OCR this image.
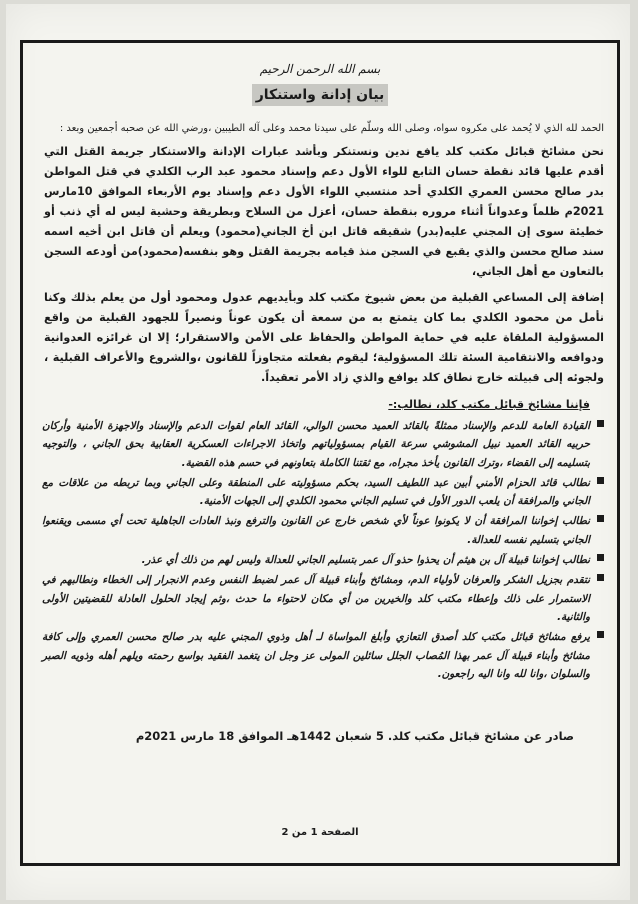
بسم الله الرحمن الرحيم
بيان إدانة واستنكار
الحمد لله الذي لا يُحمد على مكروه سواه، وصلى الله وسلّم على سيدنا محمد وعلى آله الطيبين ،ورضي الله عن صحبه أجمعين وبعد :

نحن مشائخ قبائل مكتب كلد يافع ندين ونستنكر وبأشد عبارات الإدانة والاستنكار جريمة القتل التي أقدم عليها قائد نقطة حسان التابع للواء الأول دعم وإسناد محمود عبد الرب الكلدي في قتل المواطن بدر صالح محسن العمري الكلدي أحد منتسبي اللواء الأول دعم وإسناد يوم الأربعاء الموافق 10مارس 2021م ظلماً وعدواناً أثناء مروره بنقطة حسان، أعزل من السلاح وبطريقة وحشية ليس له أي ذنب أو خطيئة سوى إن المجني عليه(بدر) شقيقه قاتل ابن أخ الجاني(محمود) ويعلم أن قاتل ابن أخيه اسمه سند صالح محسن والذي يقبع في السجن منذ قيامه بجريمة القتل وهو بنفسه(محمود)من أودعه السجن بالتعاون مع أهل الجاني،

إضافة إلى المساعي القبلية من بعض شيوخ مكتب كلد وبأيديهم عدول ومحمود أول من يعلم بذلك وكنا نأمل من محمود الكلدي بما كان يتمتع به من سمعة أن يكون عوناً ونصيراً للجهود القبلية من واقع المسؤولية الملقاة عليه في حماية المواطن والحفاظ على الأمن والاستقرار؛ إلا ان غرائزه العدوانية ودوافعه والانتقامية السئة تلك المسؤولية؛ ليقوم بفعلته متجاوزاً للقانون ،والشروع والأعراف القبلية ، ولجوئه إلى قبيلته خارج نطاق كلد يوافع والذي زاد الأمر تعقيداً.

فإننا مشائخ قبائل مكتب كلد، نطالب:-
القيادة العامة للدعم والإسناد ممثلةً بالقائد العميد محسن الوالي، القائد العام لقوات الدعم والإسناد والاجهزة الأمنية وأركان حربيه القائد العميد نبيل المشوشي سرعة القيام بمسؤولياتهم واتخاذ الاجراءات العسكرية العقابية بحق الجاني ، والتوجيه بتسليمه إلى القضاء ،وترك القانون يأخذ مجراه، مع ثقتنا الكاملة بتعاونهم في حسم هذه القضية.
نطالب قائد الحزام الأمني أبين عبد اللطيف السيد، بحكم مسؤوليته على المنطقة وعلى الجاني وبما تربطه من علاقات مع الجاني والمرافقة أن يلعب الدور الأول في تسليم الجاني محمود الكلدي إلى الجهات الأمنية.
نطالب إخواننا المرافقة أن لا يكونوا عوناً لأي شخص خارج عن القانون والترفع ونبذ العادات الجاهلية تحت أي مسمى ويقنعوا الجاني بتسليم نفسه للعدالة.
نطالب إخواننا قبيلة آل بن هيثم أن يحذوا حذو آل عمر بتسليم الجاني للعدالة وليس لهم من ذلك أي عذر.
نتقدم بجزيل الشكر والعرفان لأولياء الدم، ومشائخ وأبناء قبيلة آل عمر لضبط النفس وعدم الانجرار إلى الخطاء ونطالبهم في الاستمرار على ذلك وإعطاء مكتب كلد والخيرين من أي مكان لاحتواء ما حدث ،وثم إيجاد الحلول العادلة للقضيتين الأولى والثانية.
يرفع مشائخ قبائل مكتب كلد أصدق التعازي وأبلغ المواساة لـ أهل وذوي المجني عليه بدر صالح محسن العمري وإلى كافة مشائخ وأبناء قبيلة آل عمر بهذا المُصاب الجلل سائلين المولى عز وجل ان يتغمد الفقيد بواسع رحمته ويلهم أهله وذويه الصبر والسلوان ،وانا لله وانا اليه راجعون.
صادر عن مشائخ قبائل مكتب كلد. 5 شعبان 1442هـ الموافق 18 مارس 2021م
الصفحة 1 من 2
